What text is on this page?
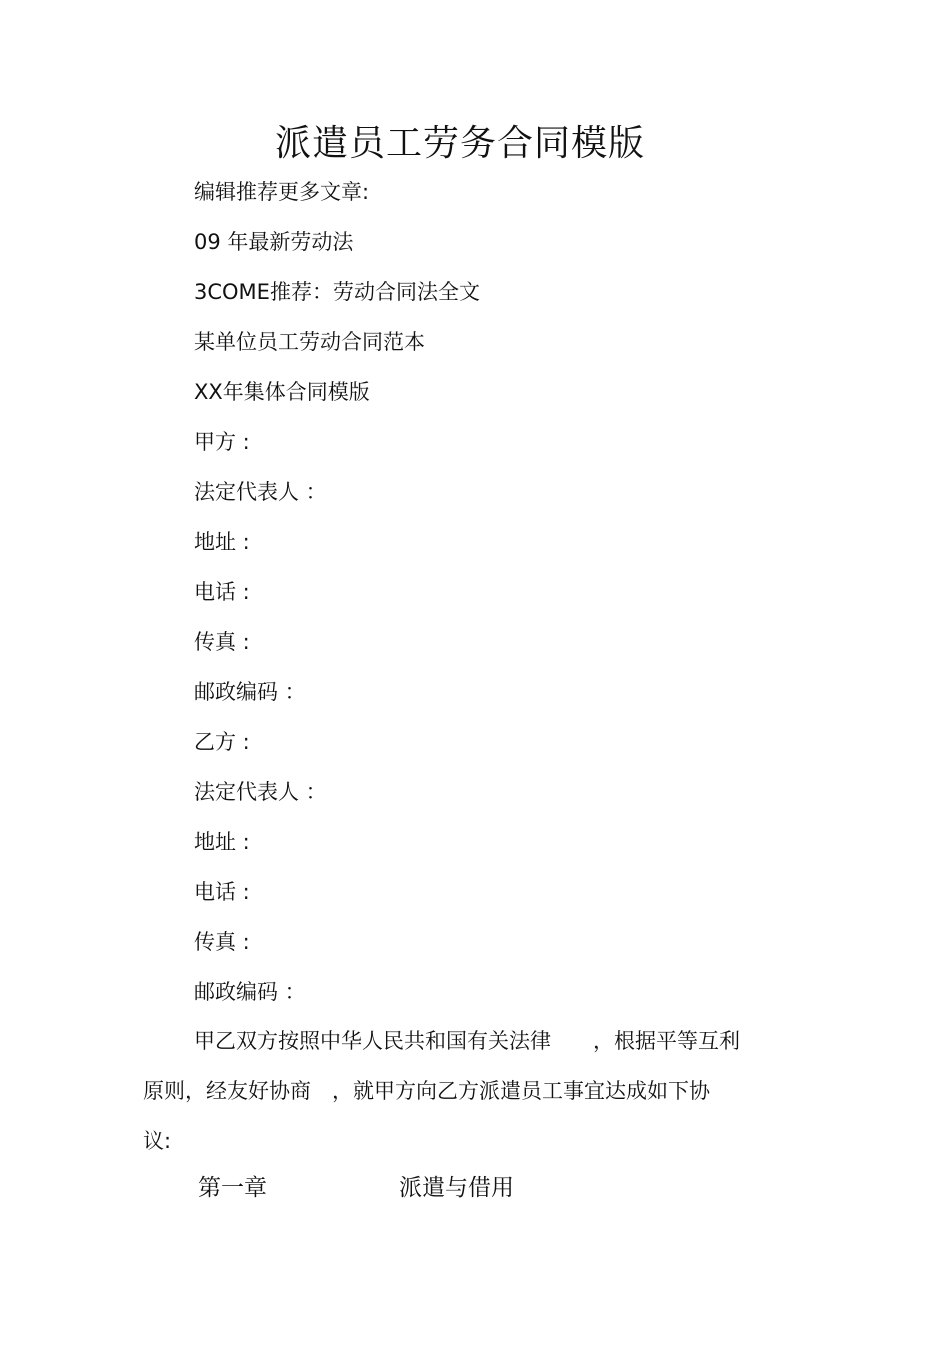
派遣员工劳务合同模版
编辑推荐更多文章:
09 年最新劳动法
3COME推荐：劳动合同法全文
某单位员工劳动合同范本
XX年集体合同模版
甲方 :
法定代表人 ：
地址 :
电话 :
传真 :
邮政编码 ：
乙方 :
法定代表人 ：
地址 :
电话 :
传真 :
邮政编码 ：
甲乙双方按照中华人民共和国有关法律　　，根据平等互利
原则，经友好协商　，就甲方向乙方派遣员工事宜达成如下协
议:
第一章	派遣与借用
